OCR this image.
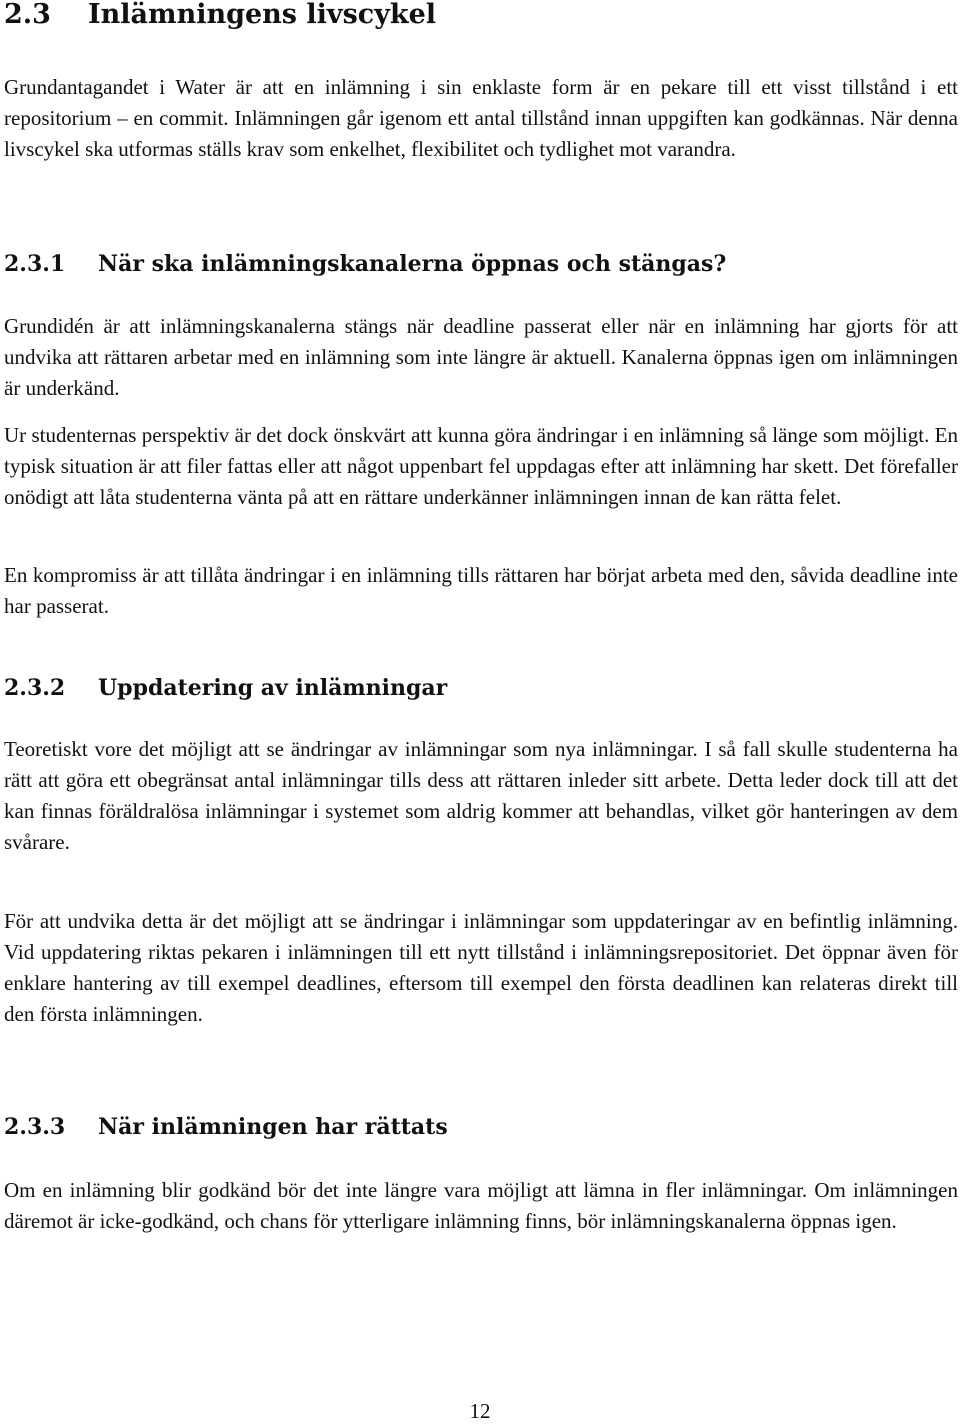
2.3 Inlämningens livscykel

Grundantagandet i Water är att en inlämning i sin enklaste form är en pekare till ett visst tillstånd i ett repositorium – en commit. Inlämningen går igenom ett antal tillstånd innan uppgiften kan godkännas. När denna livscykel ska utformas ställs krav som enkelhet, flexibilitet och tydlighet mot varandra.

2.3.1 När ska inlämningskanalerna öppnas och stängas?

Grundidén är att inlämningskanalerna stängs när deadline passerat eller när en inlämning har gjorts för att undvika att rättaren arbetar med en inlämning som inte längre är aktuell. Kanalerna öppnas igen om inlämningen är underkänd.

Ur studenternas perspektiv är det dock önskvärt att kunna göra ändringar i en inlämning så länge som möjligt. En typisk situation är att filer fattas eller att något uppenbart fel uppdagas efter att inlämning har skett. Det förefaller onödigt att låta studenterna vänta på att en rättare underkänner inlämningen innan de kan rätta felet.

En kompromiss är att tillåta ändringar i en inlämning tills rättaren har börjat arbeta med den, såvida deadline inte har passerat.

2.3.2 Uppdatering av inlämningar

Teoretiskt vore det möjligt att se ändringar av inlämningar som nya inlämningar. I så fall skulle studenterna ha rätt att göra ett obegränsat antal inlämningar tills dess att rättaren inleder sitt arbete. Detta leder dock till att det kan finnas föräldralösa inlämningar i systemet som aldrig kommer att behandlas, vilket gör hanteringen av dem svårare.

För att undvika detta är det möjligt att se ändringar i inlämningar som uppdateringar av en befintlig inlämning. Vid uppdatering riktas pekaren i inlämningen till ett nytt tillstånd i inlämningsrepositoriet. Det öppnar även för enklare hantering av till exempel deadlines, eftersom till exempel den första deadlinen kan relateras direkt till den första inlämningen.

2.3.3 När inlämningen har rättats

Om en inlämning blir godkänd bör det inte längre vara möjligt att lämna in fler inlämningar. Om inlämningen däremot är icke-godkänd, och chans för ytterligare inlämning finns, bör inlämningskanalerna öppnas igen.

12
